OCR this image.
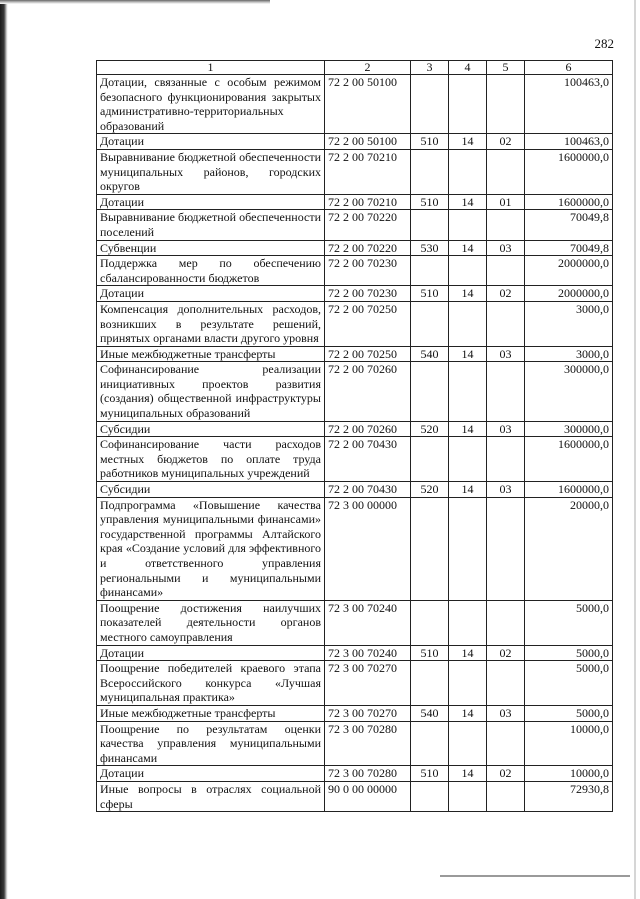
282
1	2	3	4	5	6
Дотации, связанные с особым режимом безопасного функционирования закрытых административно-территориальных образований	72 2 00 50100				100463,0
Дотации	72 2 00 50100	510	14	02	100463,0
Выравнивание бюджетной обеспеченности муниципальных районов, городских округов	72 2 00 70210				1600000,0
Дотации	72 2 00 70210	510	14	01	1600000,0
Выравнивание бюджетной обеспеченности поселений	72 2 00 70220				70049,8
Субвенции	72 2 00 70220	530	14	03	70049,8
Поддержка мер по обеспечению сбалансированности бюджетов	72 2 00 70230				2000000,0
Дотации	72 2 00 70230	510	14	02	2000000,0
Компенсация дополнительных расходов, возникших в результате решений, принятых органами власти другого уровня	72 2 00 70250				3000,0
Иные межбюджетные трансферты	72 2 00 70250	540	14	03	3000,0
Софинансирование реализации инициативных проектов развития (создания) общественной инфраструктуры муниципальных образований	72 2 00 70260				300000,0
Субсидии	72 2 00 70260	520	14	03	300000,0
Софинансирование части расходов местных бюджетов по оплате труда работников муниципальных учреждений	72 2 00 70430				1600000,0
Субсидии	72 2 00 70430	520	14	03	1600000,0
Подпрограмма «Повышение качества управления муниципальными финансами» государственной программы Алтайского края «Создание условий для эффективного и ответственного управления региональными и муниципальными финансами»	72 3 00 00000				20000,0
Поощрение достижения наилучших показателей деятельности органов местного самоуправления	72 3 00 70240				5000,0
Дотации	72 3 00 70240	510	14	02	5000,0
Поощрение победителей краевого этапа Всероссийского конкурса «Лучшая муниципальная практика»	72 3 00 70270				5000,0
Иные межбюджетные трансферты	72 3 00 70270	540	14	03	5000,0
Поощрение по результатам оценки качества управления муниципальными финансами	72 3 00 70280				10000,0
Дотации	72 3 00 70280	510	14	02	10000,0
Иные вопросы в отраслях социальной сферы	90 0 00 00000				72930,8
